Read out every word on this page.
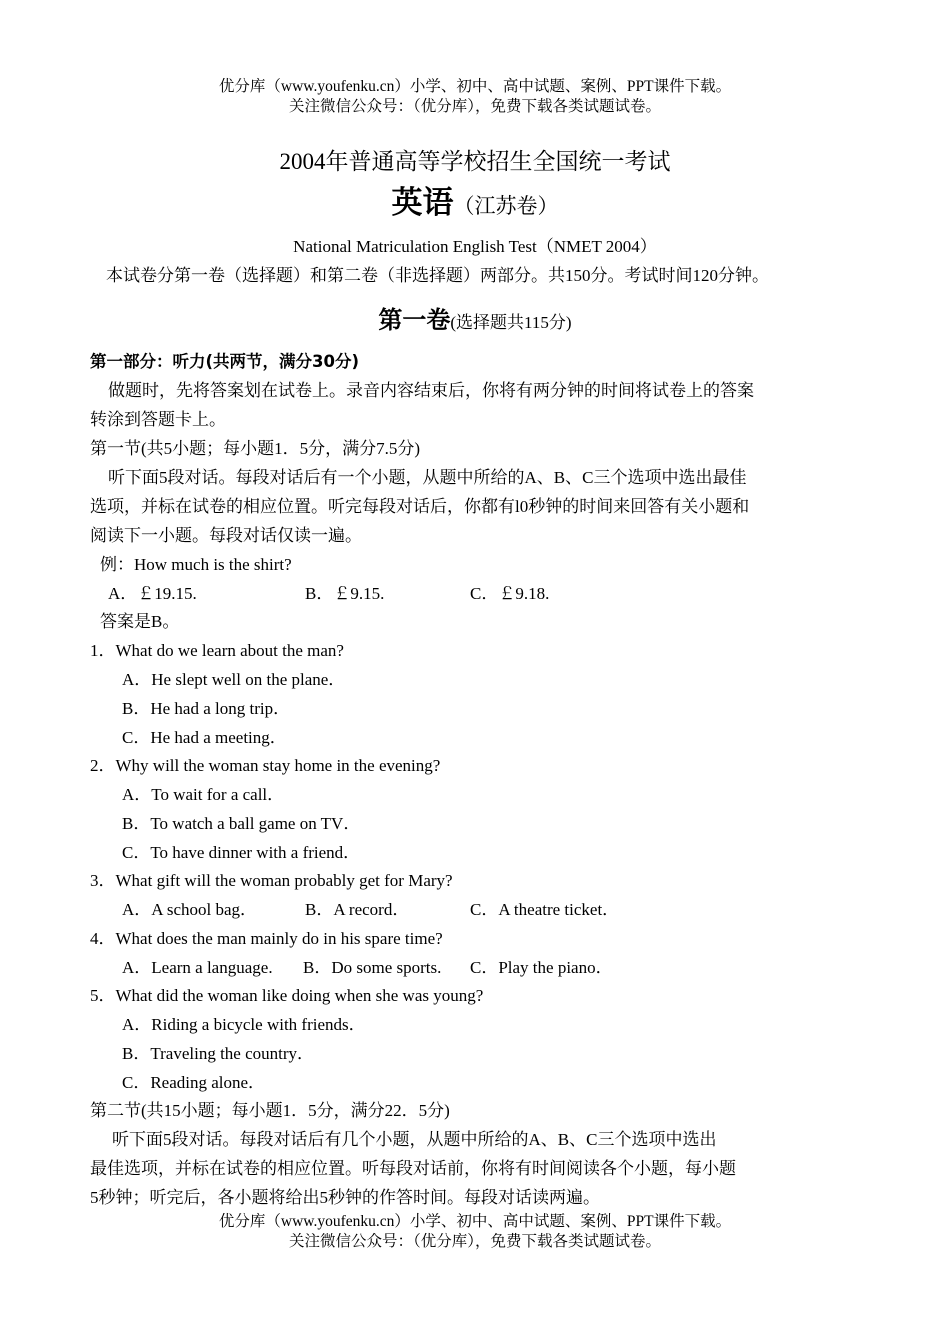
优分库（www.youfenku.cn）小学、初中、高中试题、案例、PPT课件下载。
关注微信公众号：（优分库），免费下载各类试题试卷。
2004年普通高等学校招生全国统一考试
英语（江苏卷）
National Matriculation English Test（NMET 2004）
本试卷分第一卷（选择题）和第二卷（非选择题）两部分。共150分。考试时间120分钟。
第一卷(选择题共115分)
第一部分：听力(共两节，满分30分)
做题时，先将答案划在试卷上。录音内容结束后，你将有两分钟的时间将试卷上的答案
转涂到答题卡上。
第一节(共5小题；每小题1．5分，满分7.5分)
听下面5段对话。每段对话后有一个小题，从题中所给的A、B、C三个选项中选出最佳
选项，并标在试卷的相应位置。听完每段对话后，你都有l0秒钟的时间来回答有关小题和
阅读下一小题。每段对话仅读一遍。
例：How much is the shirt?
A．￡19.15.	B．￡9.15.	C．￡9.18.
答案是B。
1．What do we learn about the man?
A．He slept well on the plane．
B．He had a long trip．
C．He had a meeting．
2．Why will the woman stay home in the evening?
A．To wait for a call．
B．To watch a ball game on TV．
C．To have dinner with a friend．
3．What gift will the woman probably get for Mary?
A．A school bag．	B．A record．	C．A theatre ticket．
4．What does the man mainly do in his spare time?
A．Learn a language. B．Do some sports. C．Play the piano．
5．What did the woman like doing when she was young?
A．Riding a bicycle with friends．
B．Traveling the country．
C．Reading alone．
第二节(共15小题；每小题1．5分，满分22．5分)
听下面5段对话。每段对话后有几个小题，从题中所给的A、B、C三个选项中选出
最佳选项，并标在试卷的相应位置。听每段对话前，你将有时间阅读各个小题，每小题
5秒钟；听完后，各小题将给出5秒钟的作答时间。每段对话读两遍。
优分库（www.youfenku.cn）小学、初中、高中试题、案例、PPT课件下载。
关注微信公众号：（优分库），免费下载各类试题试卷。
